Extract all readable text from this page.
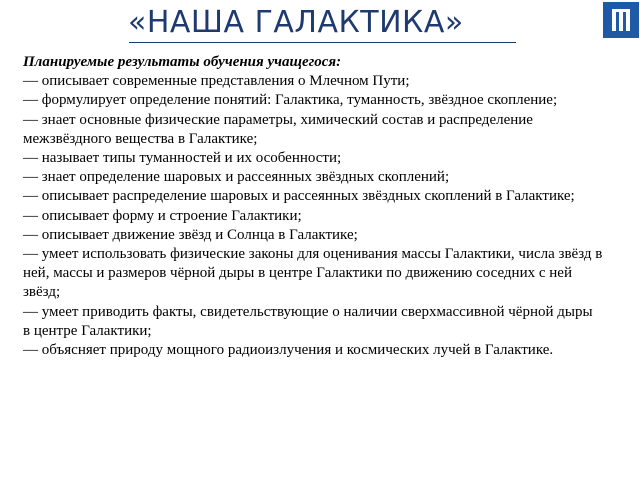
«НАША ГАЛАКТИКА»

Планируемые результаты обучения учащегося:

— описывает современные представления о Млечном Пути;

— формулирует определение понятий: Галактика, туманность, звёздное скопление;

— знает основные физические параметры, химический состав и распределение межзвёздного вещества в Галактике;

— называет типы туманностей и их особенности;

— знает определение шаровых и рассеянных звёздных скоплений;

— описывает распределение шаровых и рассеянных звёздных скоплений в Галактике;

— описывает форму и строение Галактики;

— описывает движение звёзд и Солнца в Галактике;

— умеет использовать физические законы для оценивания массы Галактики, числа звёзд в ней, массы и размеров чёрной дыры в центре Галактики по движению соседних с ней звёзд;

— умеет приводить факты, свидетельствующие о наличии сверхмассивной чёрной дыры в центре Галактики;

— объясняет природу мощного радиоизлучения и космических лучей в Галактике.
